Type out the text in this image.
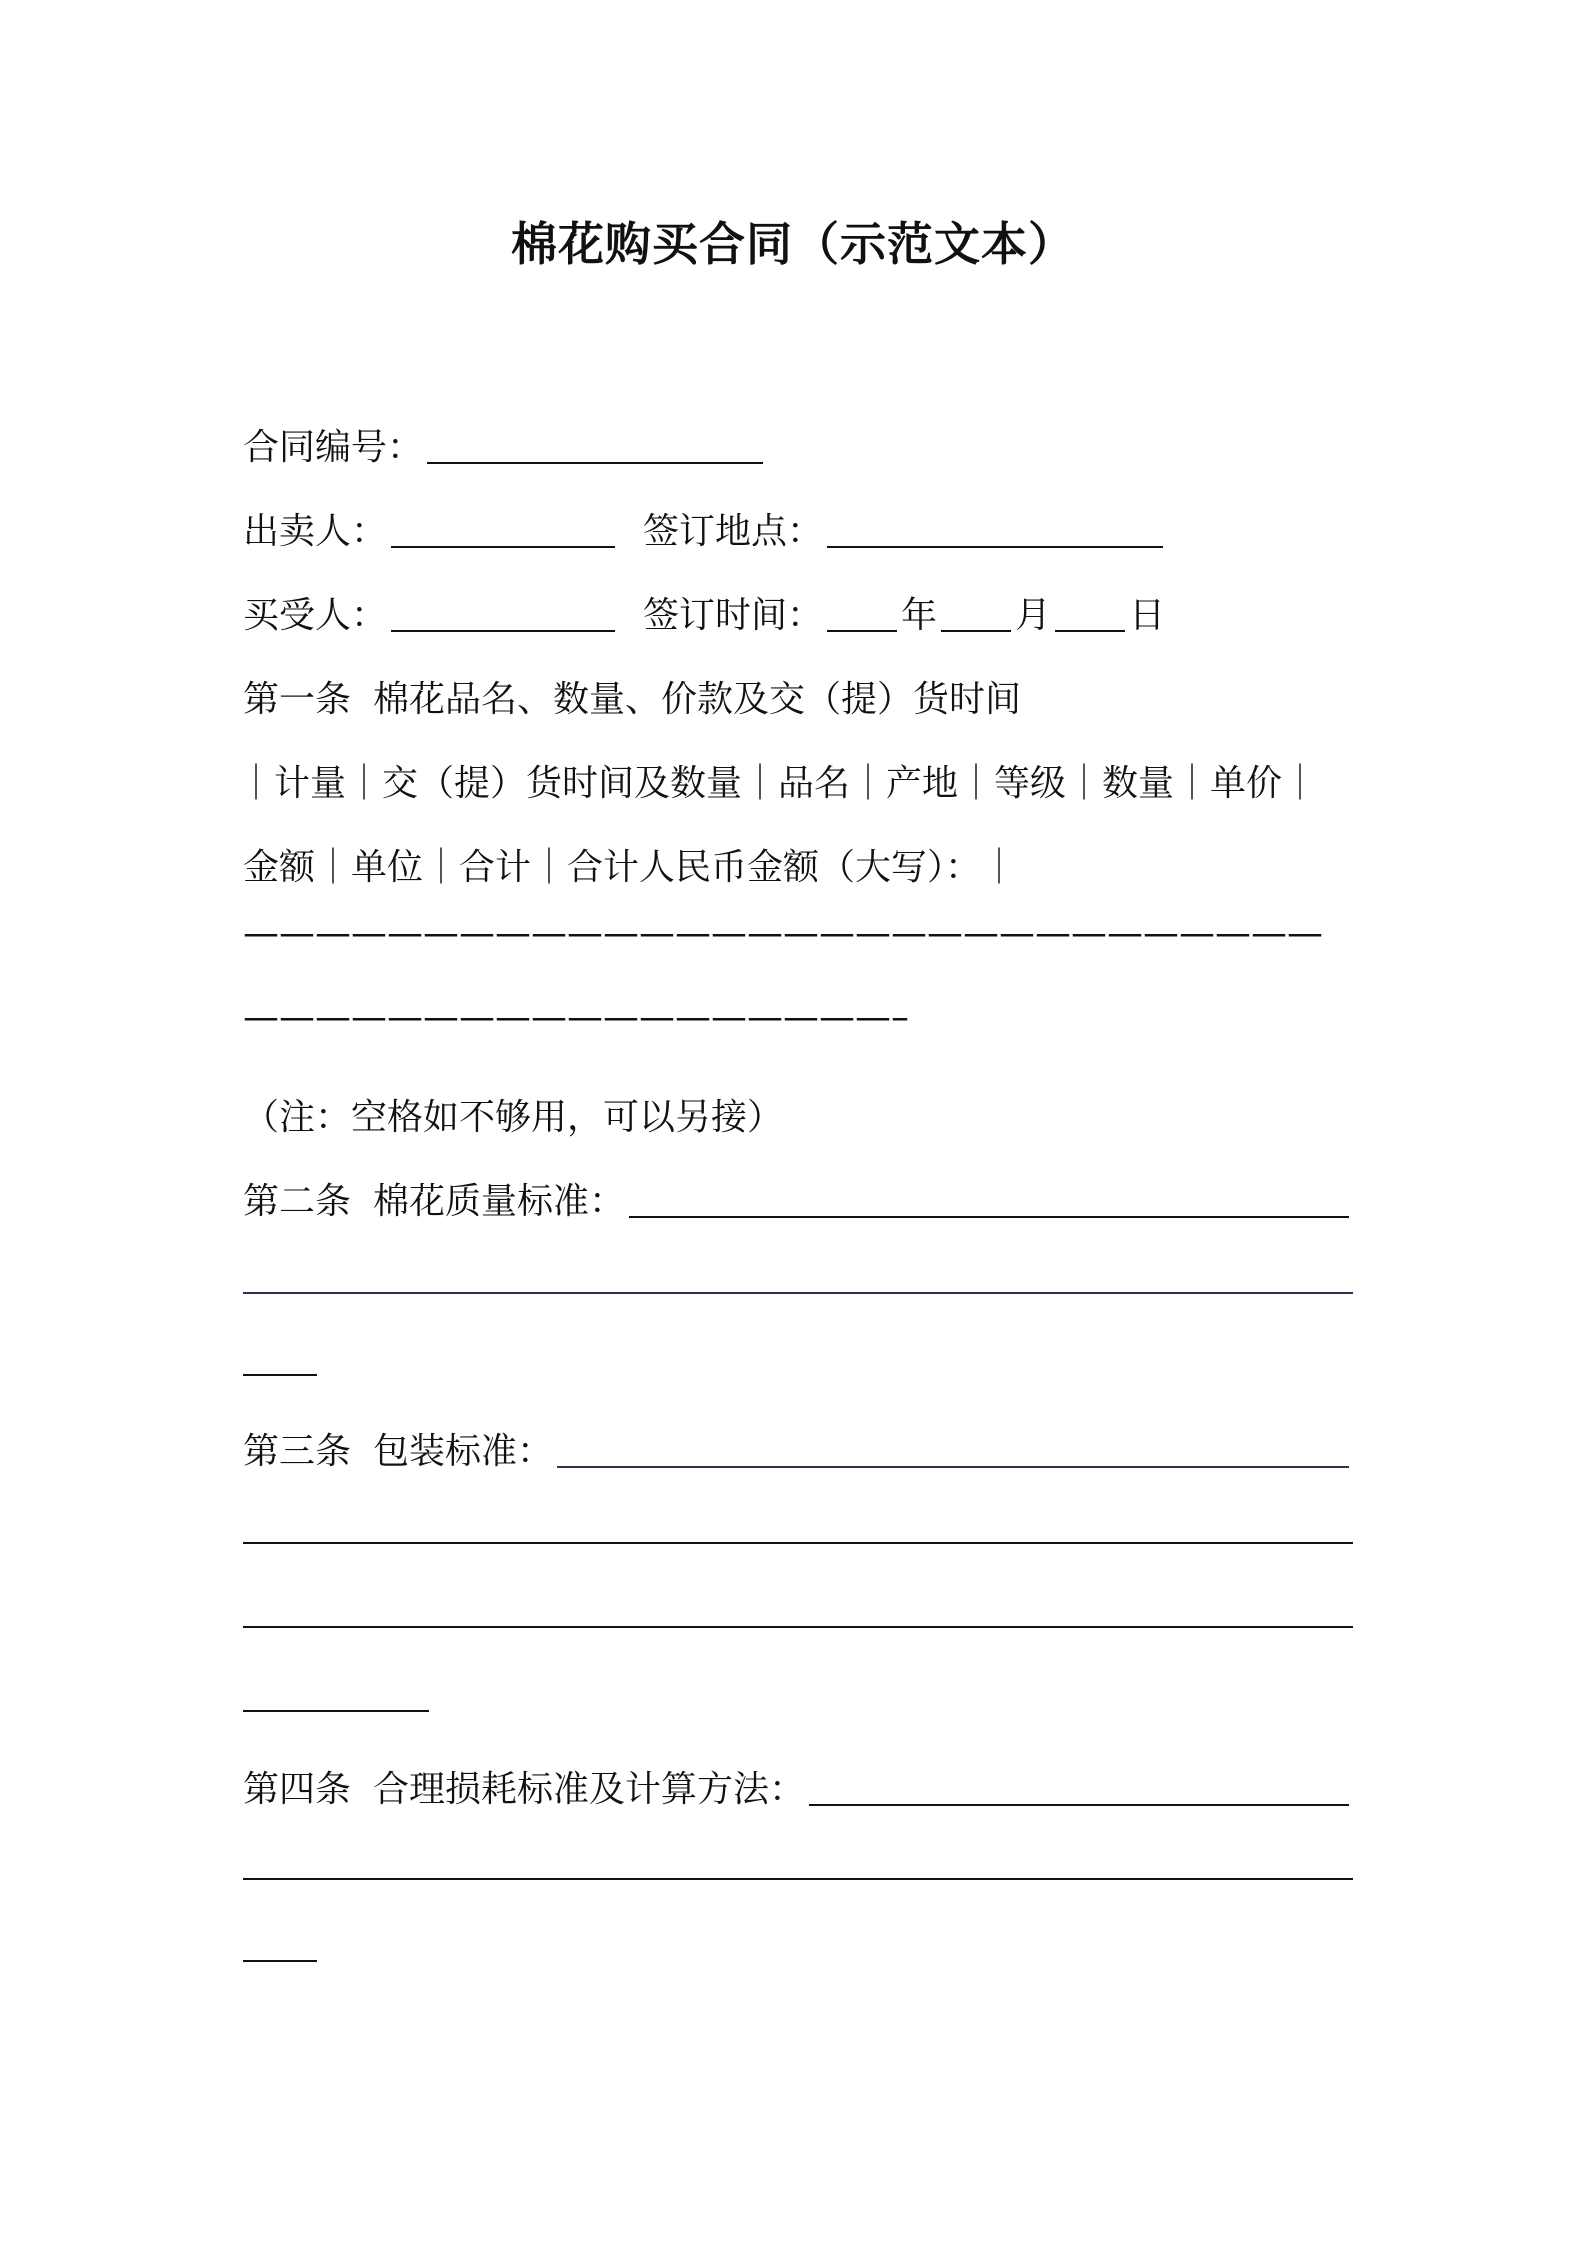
棉花购买合同（示范文本）
合同编号：
出卖人：	签订地点：
买受人：	签订时间： 年 月 日
第一条 棉花品名、数量、价款及交（提）货时间
｜计量｜交（提）货时间及数量｜品名｜产地｜等级｜数量｜单价｜
金额｜单位｜合计｜合计人民币金额（大写）：｜
——————————————————————————————
——————————————————–
（注：空格如不够用，可以另接）
第二条 棉花质量标准：
第三条 包装标准：
第四条 合理损耗标准及计算方法：
